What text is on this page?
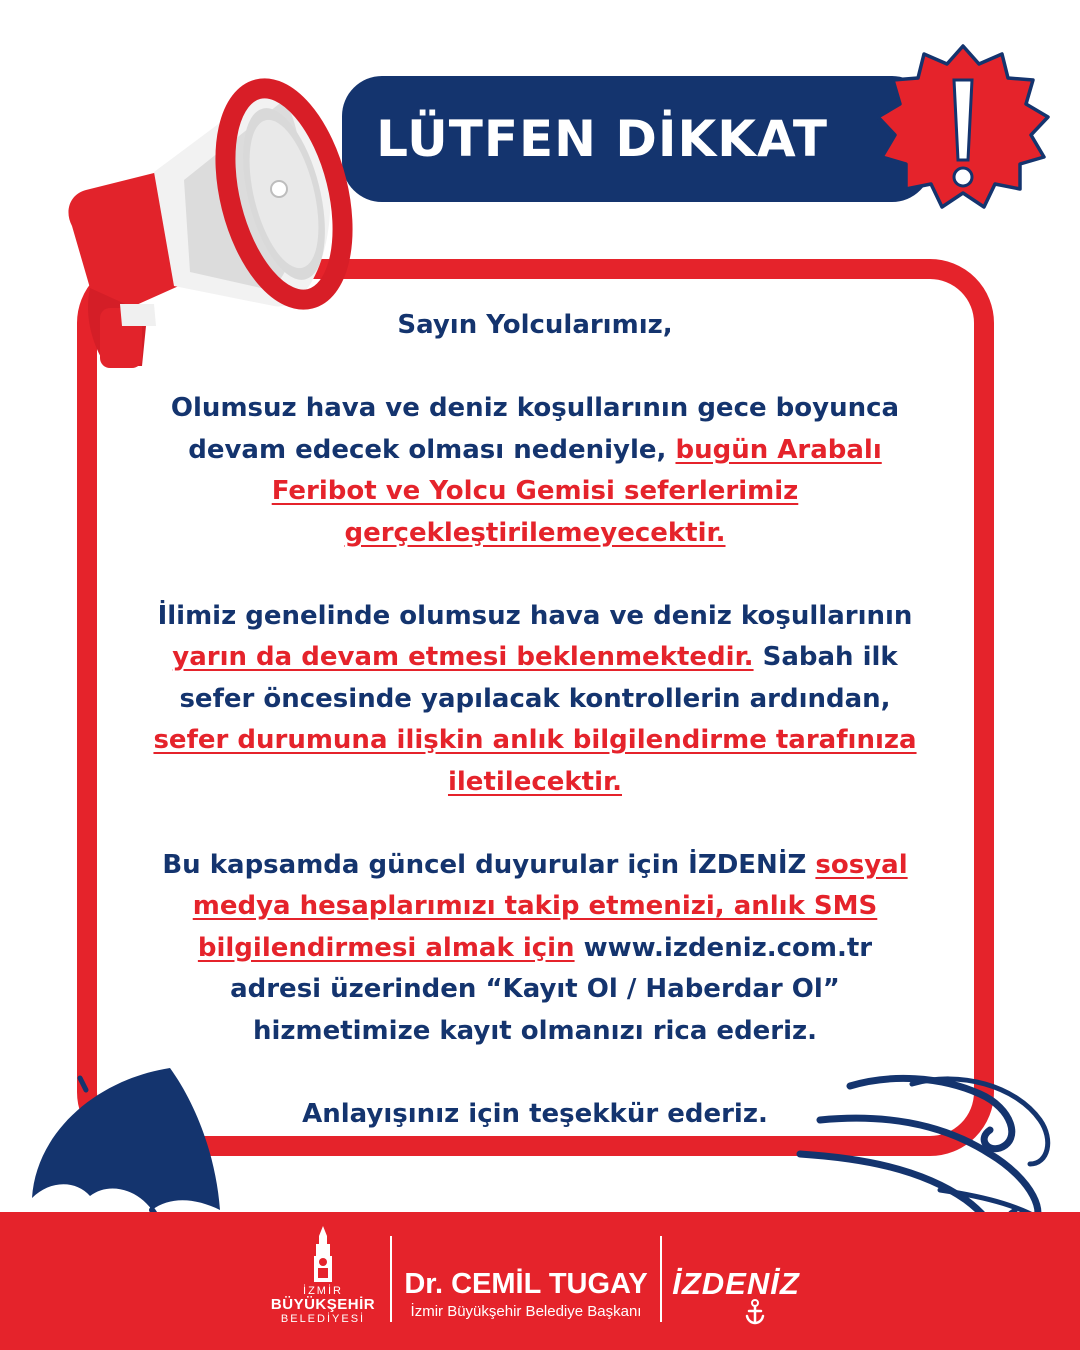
LÜTFEN DİKKAT
!

Sayın Yolcularımız,

Olumsuz hava ve deniz koşullarının gece boyunca devam edecek olması nedeniyle, bugün Arabalı Feribot ve Yolcu Gemisi seferlerimiz gerçekleştirilemeyecektir.

İlimiz genelinde olumsuz hava ve deniz koşullarının yarın da devam etmesi beklenmektedir. Sabah ilk sefer öncesinde yapılacak kontrollerin ardından, sefer durumuna ilişkin anlık bilgilendirme tarafınıza iletilecektir.

Bu kapsamda güncel duyurular için İZDENİZ sosyal medya hesaplarımızı takip etmenizi, anlık SMS bilgilendirmesi almak için www.izdeniz.com.tr adresi üzerinden “Kayıt Ol / Haberdar Ol” hizmetimize kayıt olmanızı rica ederiz.

Anlayışınız için teşekkür ederiz.

İZMİR
BÜYÜKŞEHİR
BELEDİYESİ
Dr. CEMİL TUGAY
İzmir Büyükşehir Belediye Başkanı
İZDENİZ
